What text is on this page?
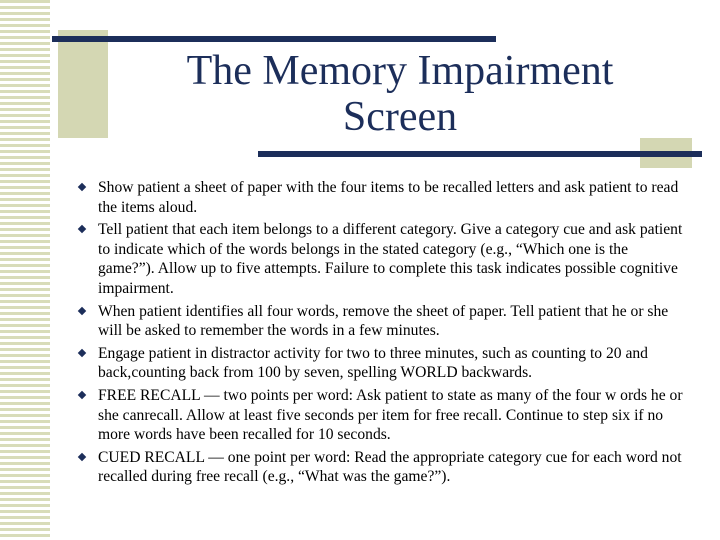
The Memory Impairment
Screen
Show patient a sheet of paper with the four items to be recalled letters and ask patient to read the items aloud.
Tell patient that each item belongs to a different category. Give a category cue and ask patient to indicate which of the words belongs in the stated category (e.g., “Which one is the game?”). Allow up to five attempts. Failure to complete this task indicates possible cognitive impairment.
When patient identifies all four words, remove the sheet of paper. Tell patient that he or she will be asked to remember the words in a few minutes.
Engage patient in distractor activity for two to three minutes, such as counting to 20 and back,counting back from 100 by seven, spelling WORLD backwards.
FREE RECALL — two points per word: Ask patient to state as many of the four w ords he or she canrecall. Allow at least five seconds per item for free recall. Continue to step six if no more words have been recalled for 10 seconds.
CUED RECALL — one point per word: Read the appropriate category cue for each word not recalled during free recall (e.g., “What was the game?”).
